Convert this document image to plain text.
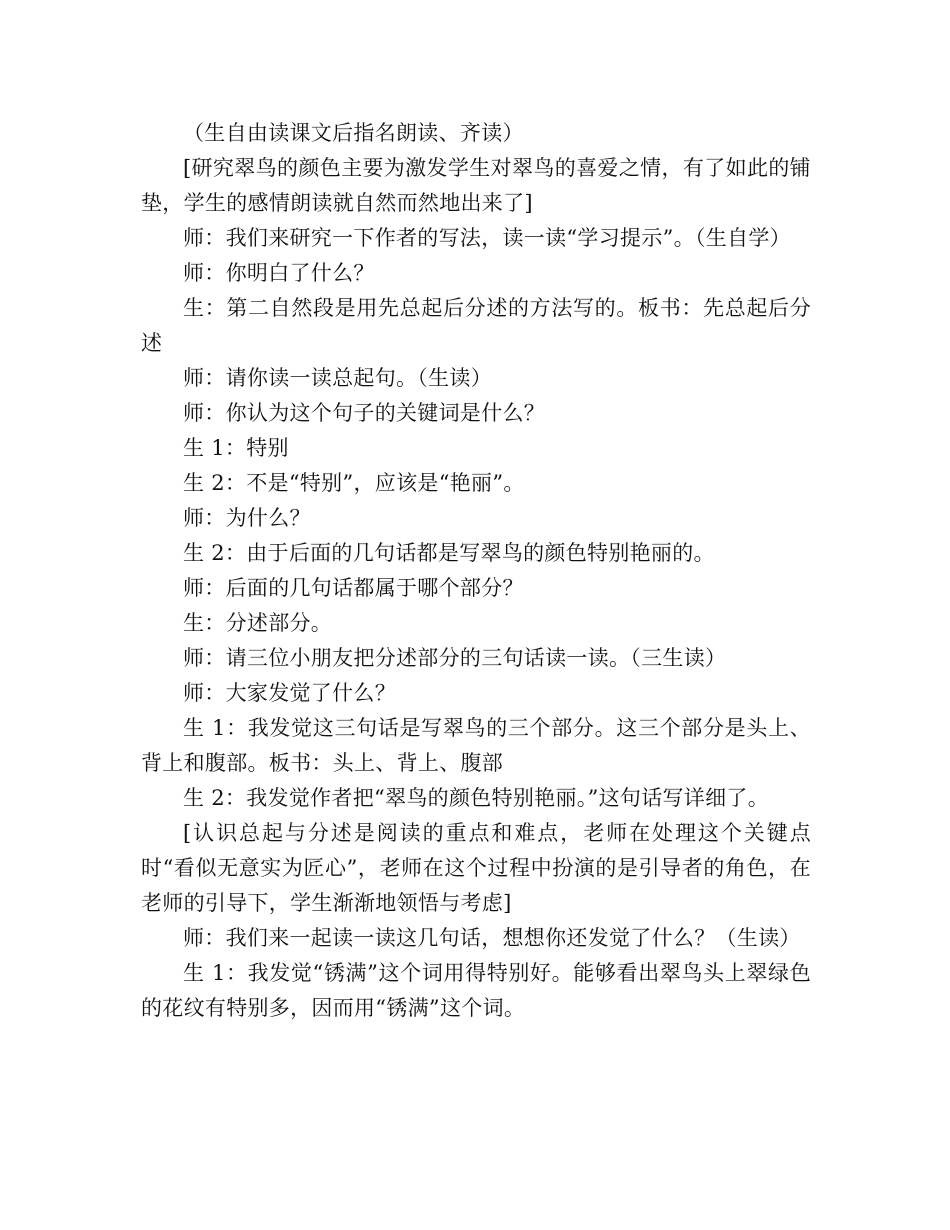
（生自由读课文后指名朗读、齐读）

[研究翠鸟的颜色主要为激发学生对翠鸟的喜爱之情，有了如此的铺垫，学生的感情朗读就自然而然地出来了]

师：我们来研究一下作者的写法，读一读“学习提示”。（生自学）

师：你明白了什么？

生：第二自然段是用先总起后分述的方法写的。板书：先总起后分述

师：请你读一读总起句。（生读）

师：你认为这个句子的关键词是什么？

生 1：特别

生 2：不是“特别”，应该是“艳丽”。

师：为什么？

生 2：由于后面的几句话都是写翠鸟的颜色特别艳丽的。

师：后面的几句话都属于哪个部分？

生：分述部分。

师：请三位小朋友把分述部分的三句话读一读。（三生读）

师：大家发觉了什么？

生 1：我发觉这三句话是写翠鸟的三个部分。这三个部分是头上、背上和腹部。板书：头上、背上、腹部

生 2：我发觉作者把“翠鸟的颜色特别艳丽。”这句话写详细了。

[认识总起与分述是阅读的重点和难点，老师在处理这个关键点时“看似无意实为匠心”，老师在这个过程中扮演的是引导者的角色，在老师的引导下，学生渐渐地领悟与考虑]

师：我们来一起读一读这几句话，想想你还发觉了什么？（生读）

生 1：我发觉“锈满”这个词用得特别好。能够看出翠鸟头上翠绿色的花纹有特别多，因而用“锈满”这个词。
